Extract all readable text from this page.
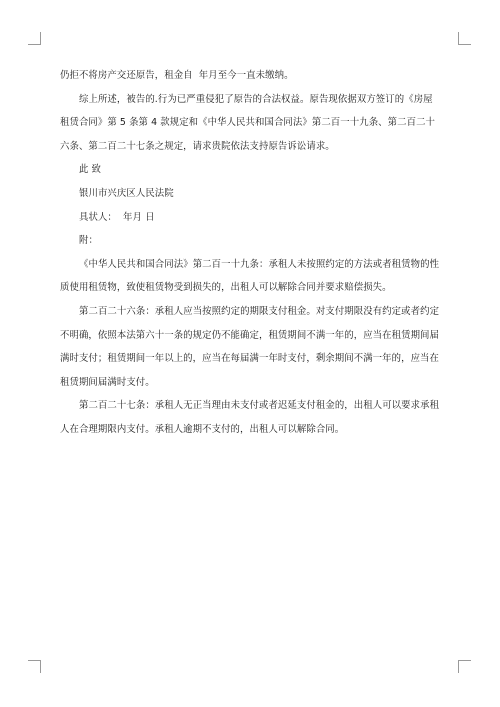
仍拒不将房产交还原告，租金自  年月至今一直未缴纳。

综上所述，被告的.行为已严重侵犯了原告的合法权益。原告现依据双方签订的《房屋租赁合同》第 5 条第 4 款规定和《中华人民共和国合同法》第二百一十九条、第二百二十六条、第二百二十七条之规定，请求贵院依法支持原告诉讼请求。

此 致

银川市兴庆区人民法院

具状人：  年月 日

附：

《中华人民共和国合同法》第二百一十九条：承租人未按照约定的方法或者租赁物的性质使用租赁物，致使租赁物受到损失的，出租人可以解除合同并要求赔偿损失。

第二百二十六条：承租人应当按照约定的期限支付租金。对支付期限没有约定或者约定不明确，依照本法第六十一条的规定仍不能确定，租赁期间不满一年的，应当在租赁期间届满时支付；租赁期间一年以上的，应当在每届满一年时支付，剩余期间不满一年的，应当在租赁期间届满时支付。

第二百二十七条：承租人无正当理由未支付或者迟延支付租金的，出租人可以要求承租人在合理期限内支付。承租人逾期不支付的，出租人可以解除合同。
